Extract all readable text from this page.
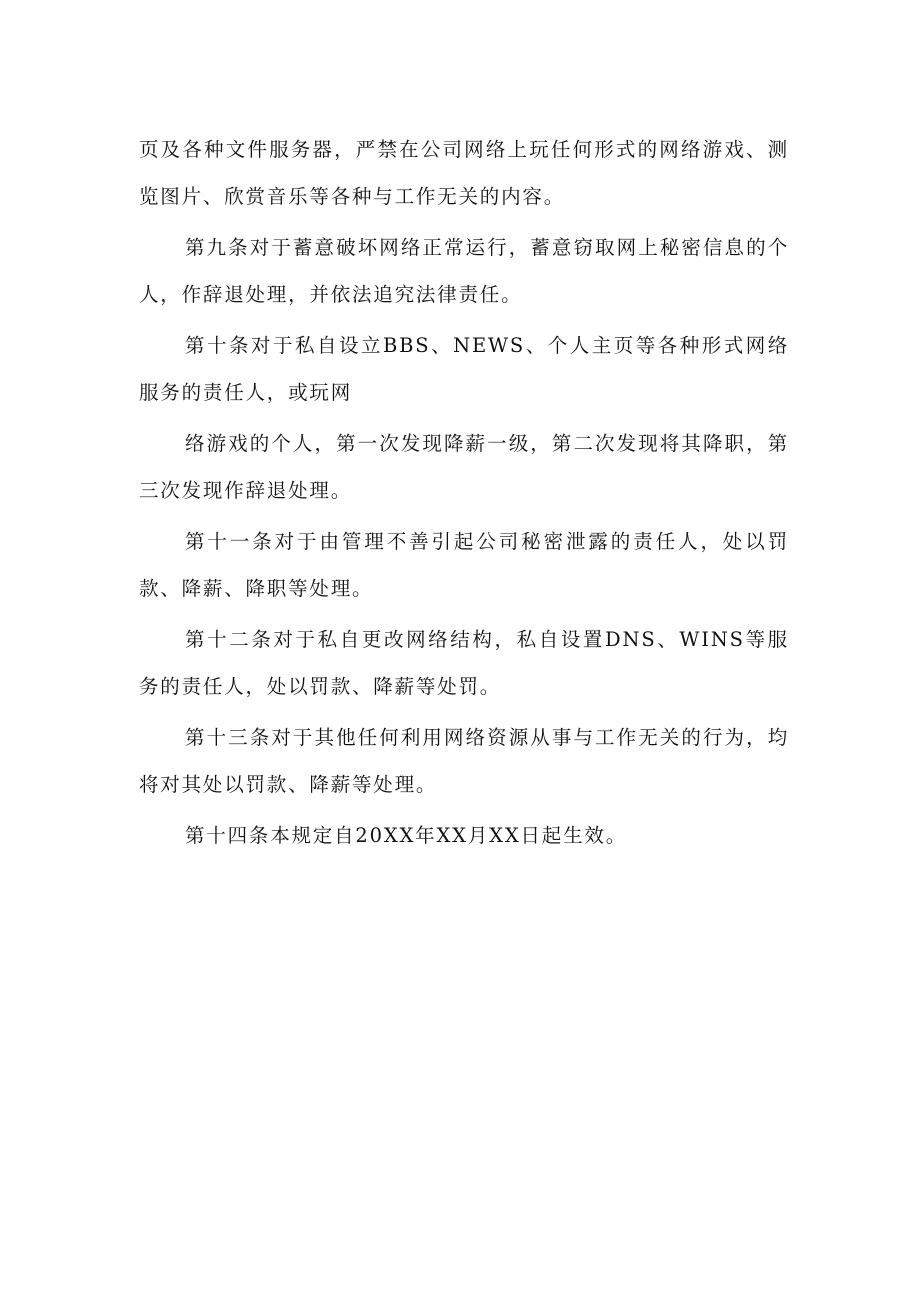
页及各种文件服务器，严禁在公司网络上玩任何形式的网络游戏、测览图片、欣赏音乐等各种与工作无关的内容。

第九条对于蓄意破坏网络正常运行，蓄意窃取网上秘密信息的个人，作辞退处理，并依法追究法律责任。

第十条对于私自设立BBS、NEWS、个人主页等各种形式网络服务的责任人，或玩网

络游戏的个人，第一次发现降薪一级，第二次发现将其降职，第三次发现作辞退处理。

第十一条对于由管理不善引起公司秘密泄露的责任人，处以罚款、降薪、降职等处理。

第十二条对于私自更改网络结构，私自设置DNS、WINS等服务的责任人，处以罚款、降薪等处罚。

第十三条对于其他任何利用网络资源从事与工作无关的行为，均将对其处以罚款、降薪等处理。

第十四条本规定自20XX年XX月XX日起生效。
